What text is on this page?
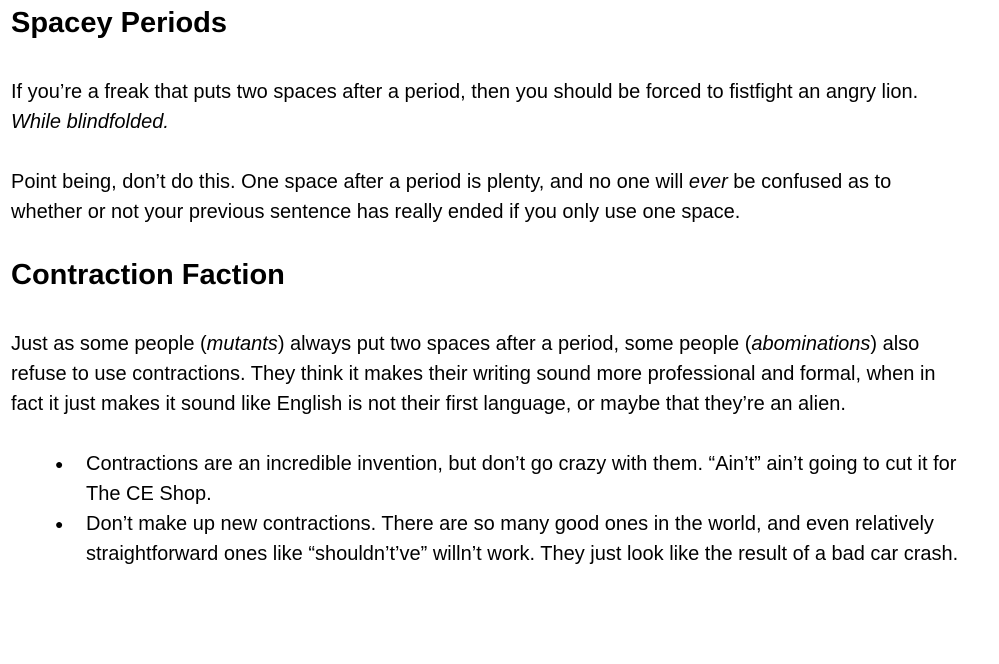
Spacey Periods

If you’re a freak that puts two spaces after a period, then you should be forced to fistfight an angry lion. While blindfolded.

Point being, don’t do this. One space after a period is plenty, and no one will ever be confused as to whether or not your previous sentence has really ended if you only use one space.

Contraction Faction

Just as some people (mutants) always put two spaces after a period, some people (abominations) also refuse to use contractions. They think it makes their writing sound more professional and formal, when in fact it just makes it sound like English is not their first language, or maybe that they’re an alien.

● Contractions are an incredible invention, but don’t go crazy with them. “Ain’t” ain’t going to cut it for The CE Shop.
● Don’t make up new contractions. There are so many good ones in the world, and even relatively straightforward ones like “shouldn’t’ve” willn’t work. They just look like the result of a bad car crash.
